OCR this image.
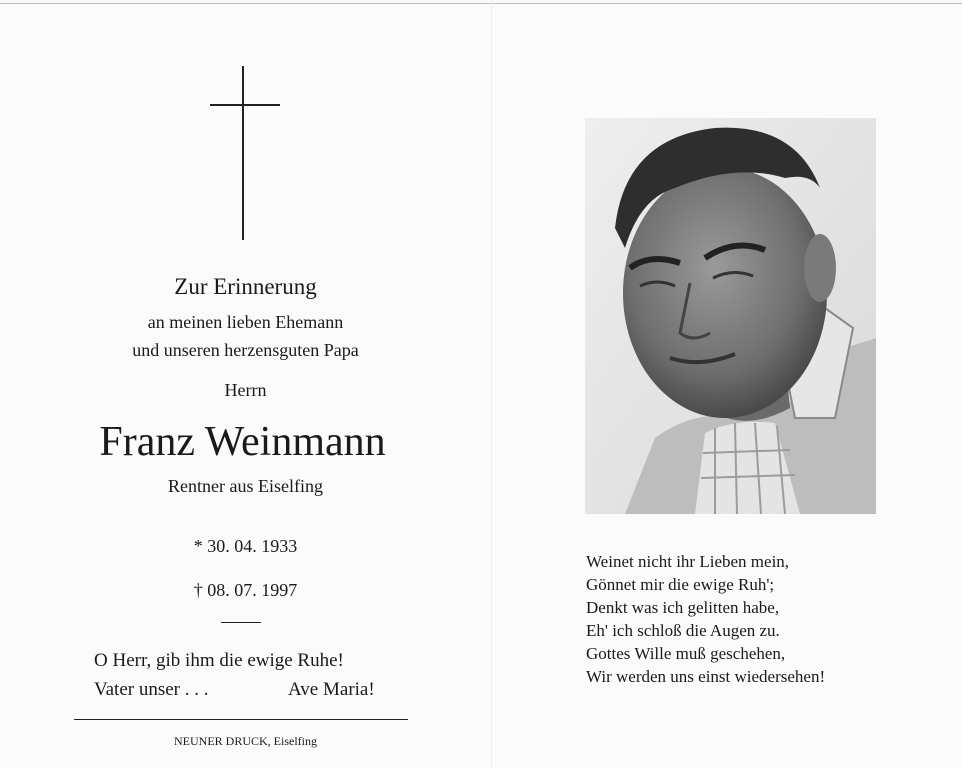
Zur Erinnerung
an meinen lieben Ehemann
und unseren herzensguten Papa
Herrn
Franz Weinmann
Rentner aus Eiselfing
* 30. 04. 1933
† 08. 07. 1997
O Herr, gib ihm die ewige Ruhe!
Vater unser . . .	Ave Maria!
NEUNER DRUCK, Eiselfing
Weinet nicht ihr Lieben mein,
Gönnet mir die ewige Ruh';
Denkt was ich gelitten habe,
Eh' ich schloß die Augen zu.
Gottes Wille muß geschehen,
Wir werden uns einst wiedersehen!
